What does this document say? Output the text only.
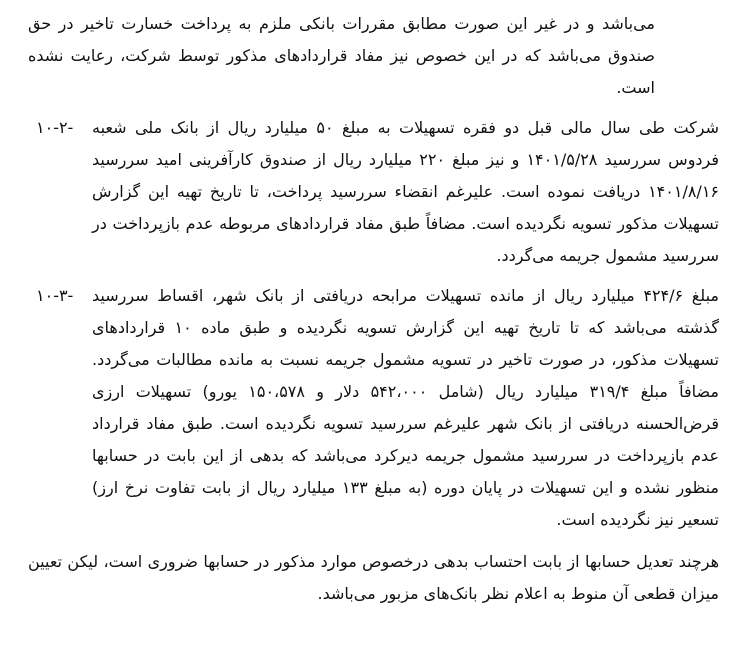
می‌باشد و در غیر این صورت مطابق مقررات بانکی ملزم به پرداخت خسارت تاخیر در حق صندوق می‌باشد که در این خصوص نیز مفاد قراردادهای مذکور توسط شرکت، رعایت نشده است.

شرکت طی سال مالی قبل دو فقره تسهیلات به مبلغ ۵۰ میلیارد ریال از بانک ملی شعبه فردوس سررسید ۱۴۰۱/۵/۲۸ و نیز مبلغ ۲۲۰ میلیارد ریال از صندوق کارآفرینی امید سررسید ۱۴۰۱/۸/۱۶ دریافت نموده است. علیرغم انقضاء سررسید پرداخت، تا تاریخ تهیه این گزارش تسهیلات مذکور تسویه نگردیده است. مضافاً طبق مفاد قراردادهای مربوطه عدم بازپرداخت در سررسید مشمول جریمه می‌گردد.

۱۰-۲-

مبلغ ۴۲۴/۶ میلیارد ریال از مانده تسهیلات مرابحه دریافتی از بانک شهر، اقساط سررسید گذشته می‌باشد که تا تاریخ تهیه این گزارش تسویه نگردیده و طبق ماده ۱۰ قراردادهای تسهیلات مذکور، در صورت تاخیر در تسویه مشمول جریمه نسبت به مانده مطالبات می‌گردد. مضافاً مبلغ ۳۱۹/۴ میلیارد ریال (شامل ۵۴۲،۰۰۰ دلار و ۱۵۰،۵۷۸ یورو) تسهیلات ارزی قرض‌الحسنه دریافتی از بانک شهر علیرغم سررسید تسویه نگردیده است. طبق مفاد قرارداد عدم بازپرداخت در سررسید مشمول جریمه دیرکرد می‌باشد که بدهی از این بابت در حسابها منظور نشده و این تسهیلات در پایان دوره (به مبلغ ۱۳۳ میلیارد ریال از بابت تفاوت نرخ ارز) تسعیر نیز نگردیده است.

۱۰-۳-

هرچند تعدیل حسابها از بابت احتساب بدهی درخصوص موارد مذکور در حسابها ضروری است، لیکن تعیین میزان قطعی آن منوط به اعلام نظر بانک‌های مزبور می‌باشد.
